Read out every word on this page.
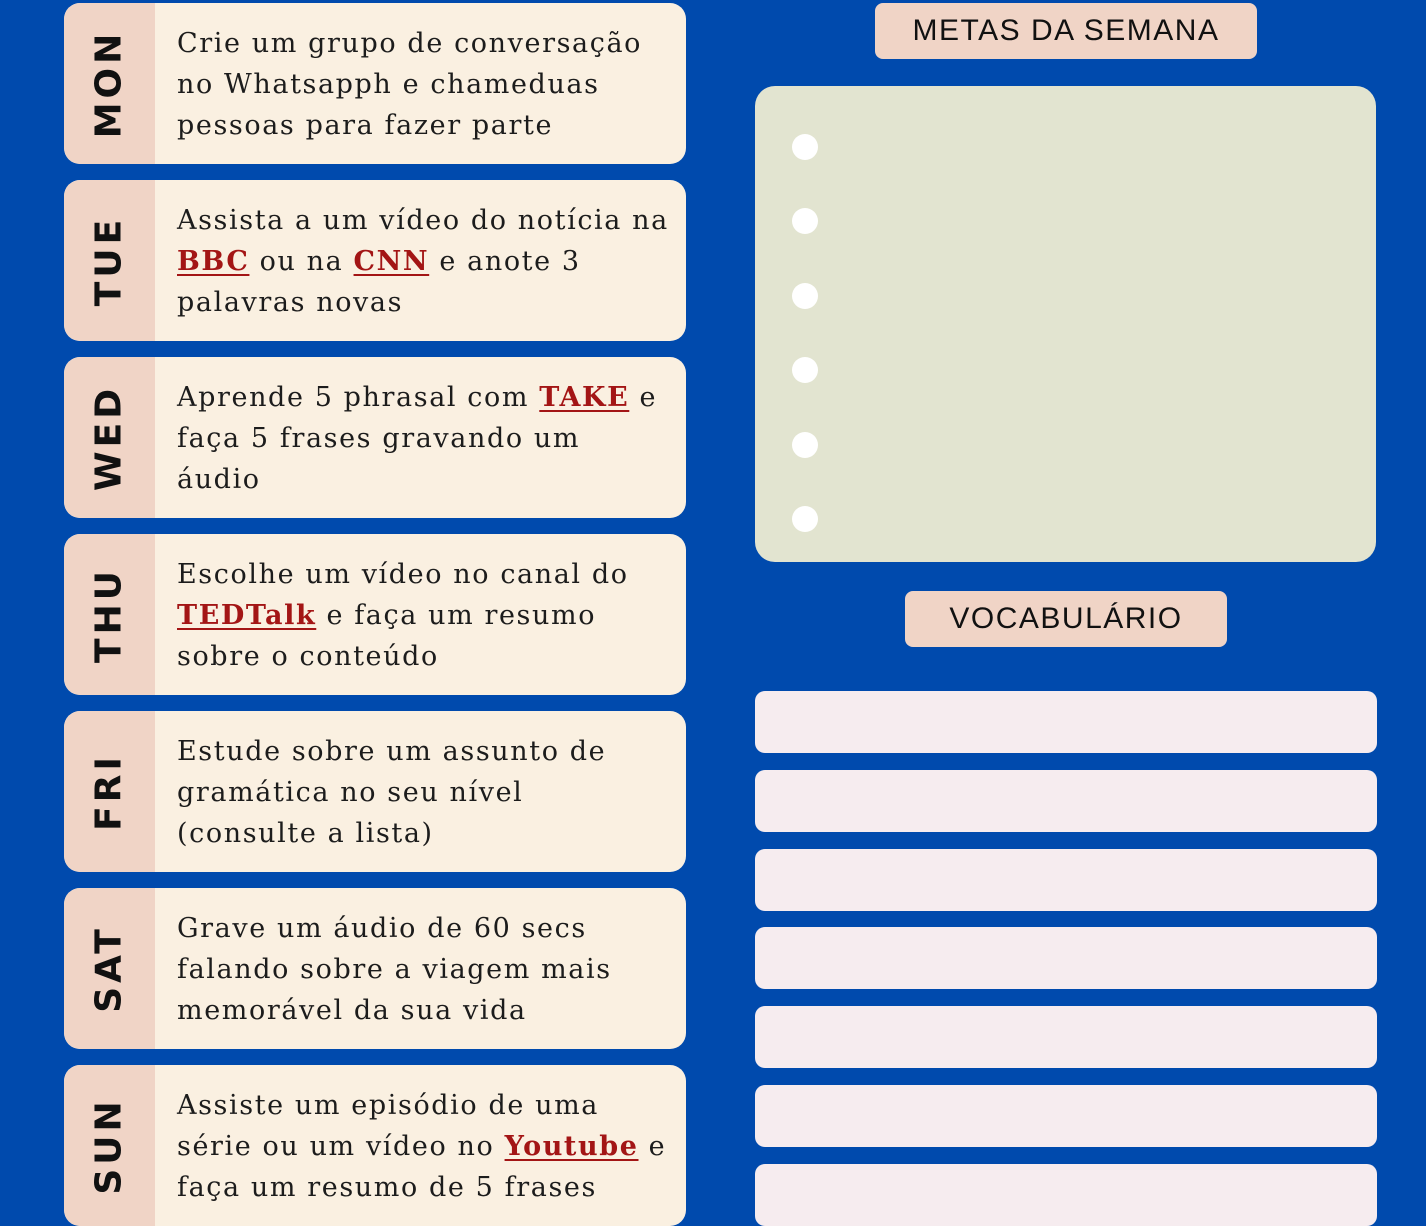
MON Crie um grupo de conversação no Whatsapph e chameduas pessoas para fazer parte

TUE Assista a um vídeo do notícia na BBC ou na CNN e anote 3 palavras novas

WED Aprende 5 phrasal com TAKE e faça 5 frases gravando um áudio

THU Escolhe um vídeo no canal do TEDTalk e faça um resumo sobre o conteúdo

FRI

Estude sobre um assunto de gramática no seu nível (consulte a lista)

SAT Grave um áudio de 60 secs falando sobre a viagem mais memorável da sua vida

SUN Assiste um episódio de uma série ou um vídeo no Youtube e faça um resumo de 5 frases

METAS DA SEMANA
VOCABULÁRIO
